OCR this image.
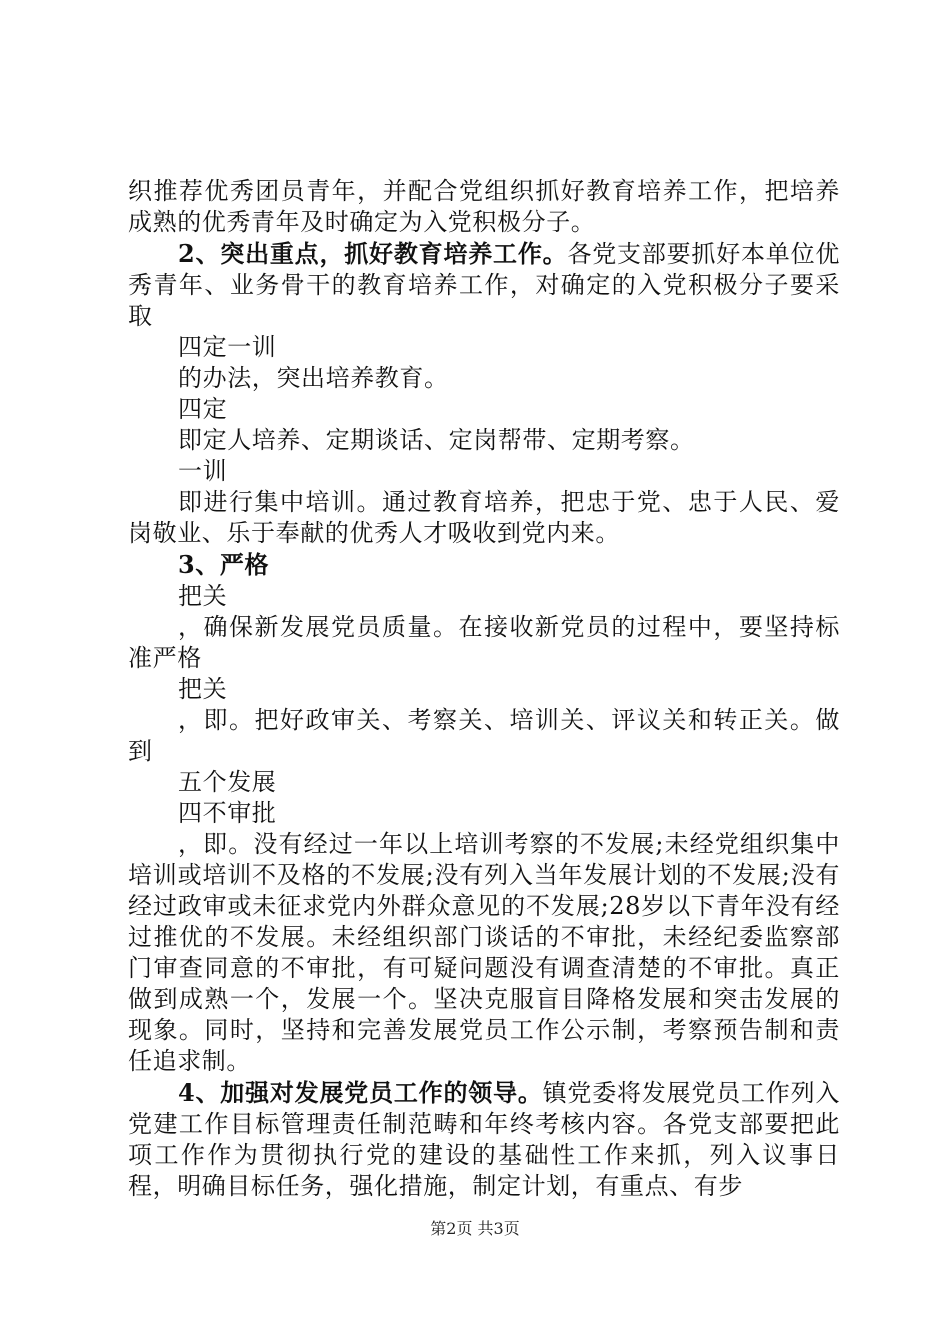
织推荐优秀团员青年，并配合党组织抓好教育培养工作，把培养成熟的优秀青年及时确定为入党积极分子。

2、突出重点，抓好教育培养工作。各党支部要抓好本单位优秀青年、业务骨干的教育培养工作，对确定的入党积极分子要采取

四定一训

的办法，突出培养教育。

四定

即定人培养、定期谈话、定岗帮带、定期考察。

一训

即进行集中培训。通过教育培养，把忠于党、忠于人民、爱岗敬业、乐于奉献的优秀人才吸收到党内来。

3、严格

把关

，确保新发展党员质量。在接收新党员的过程中，要坚持标准严格

把关

，即。把好政审关、考察关、培训关、评议关和转正关。做到

五个发展

四不审批

，即。没有经过一年以上培训考察的不发展;未经党组织集中培训或培训不及格的不发展;没有列入当年发展计划的不发展;没有经过政审或未征求党内外群众意见的不发展;28岁以下青年没有经过推优的不发展。未经组织部门谈话的不审批，未经纪委监察部门审查同意的不审批，有可疑问题没有调查清楚的不审批。真正做到成熟一个，发展一个。坚决克服盲目降格发展和突击发展的现象。同时，坚持和完善发展党员工作公示制，考察预告制和责任追求制。

4、加强对发展党员工作的领导。镇党委将发展党员工作列入党建工作目标管理责任制范畴和年终考核内容。各党支部要把此项工作作为贯彻执行党的建设的基础性工作来抓，列入议事日程，明确目标任务，强化措施，制定计划，有重点、有步

第2页 共3页
